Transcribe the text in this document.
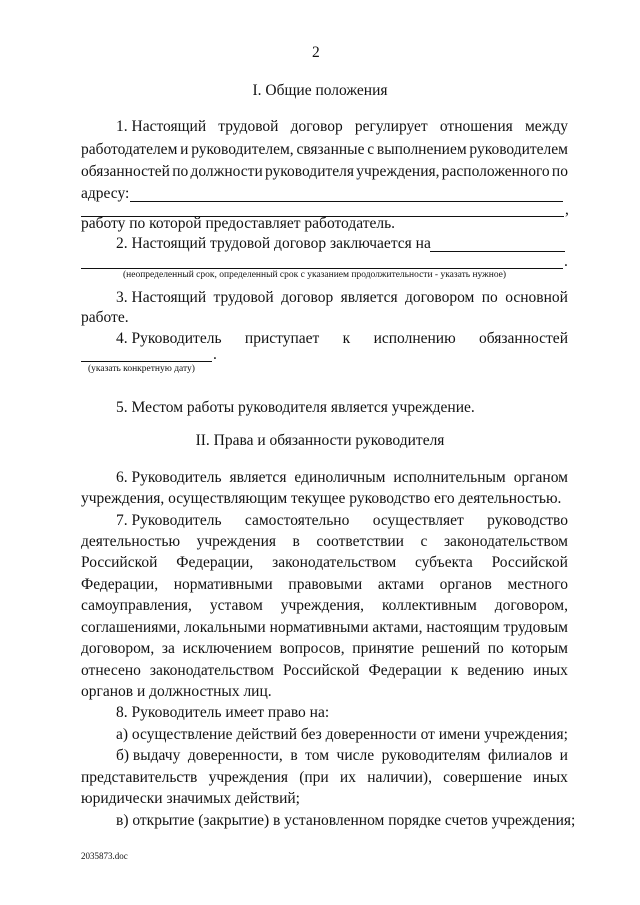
2
I. Общие положения
1. Настоящий трудовой договор регулирует отношения между
работодателем и руководителем, связанные с выполнением руководителем
обязанностей по должности руководителя учреждения, расположенного по
адресу:
,
работу по которой предоставляет работодатель.
2. Настоящий трудовой договор заключается на
.
(неопределенный срок, определенный срок с указанием продолжительности - указать нужное)
3. Настоящий трудовой договор является договором по основной
работе.
4. Руководитель приступает к исполнению обязанностей
.
(указать конкретную дату)
5. Местом работы руководителя является учреждение.
II. Права и обязанности руководителя
6. Руководитель является единоличным исполнительным органом
учреждения, осуществляющим текущее руководство его деятельностью.
7. Руководитель самостоятельно осуществляет руководство
деятельностью учреждения в соответствии с законодательством
Российской Федерации, законодательством субъекта Российской
Федерации, нормативными правовыми актами органов местного
самоуправления, уставом учреждения, коллективным договором,
соглашениями, локальными нормативными актами, настоящим трудовым
договором, за исключением вопросов, принятие решений по которым
отнесено законодательством Российской Федерации к ведению иных
органов и должностных лиц.
8. Руководитель имеет право на:
а) осуществление действий без доверенности от имени учреждения;
б) выдачу доверенности, в том числе руководителям филиалов и
представительств учреждения (при их наличии), совершение иных
юридически значимых действий;
в) открытие (закрытие) в установленном порядке счетов учреждения;
2035873.doc
